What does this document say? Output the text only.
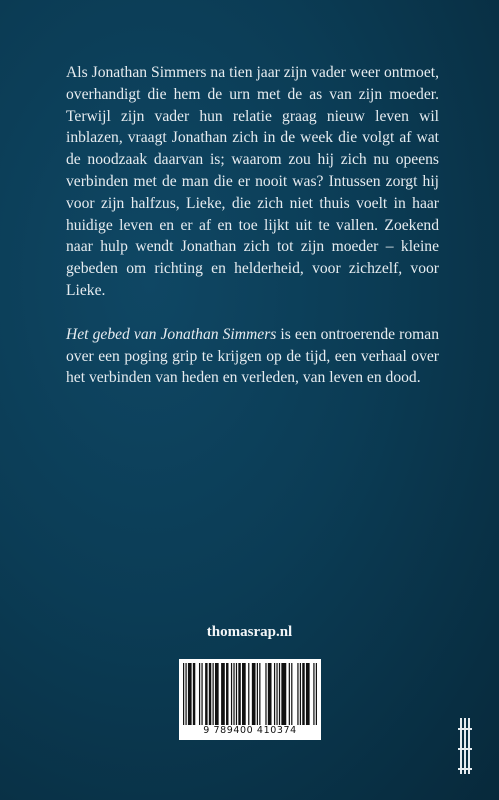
Als Jonathan Simmers na tien jaar zijn vader weer ontmoet, overhandigt die hem de urn met de as van zijn moeder. Terwijl zijn vader hun relatie graag nieuw leven wil inblazen, vraagt Jonathan zich in de week die volgt af wat de noodzaak daarvan is; waarom zou hij zich nu opeens verbinden met de man die er nooit was? Intussen zorgt hij voor zijn halfzus, Lieke, die zich niet thuis voelt in haar huidige leven en er af en toe lijkt uit te vallen. Zoekend naar hulp wendt Jonathan zich tot zijn moeder – kleine gebeden om richting en helderheid, voor zichzelf, voor Lieke.

Het gebed van Jonathan Simmers is een ontroerende roman over een poging grip te krijgen op de tijd, een verhaal over het verbinden van heden en verleden, van leven en dood.

thomasrap.nl
9 789400 410374
